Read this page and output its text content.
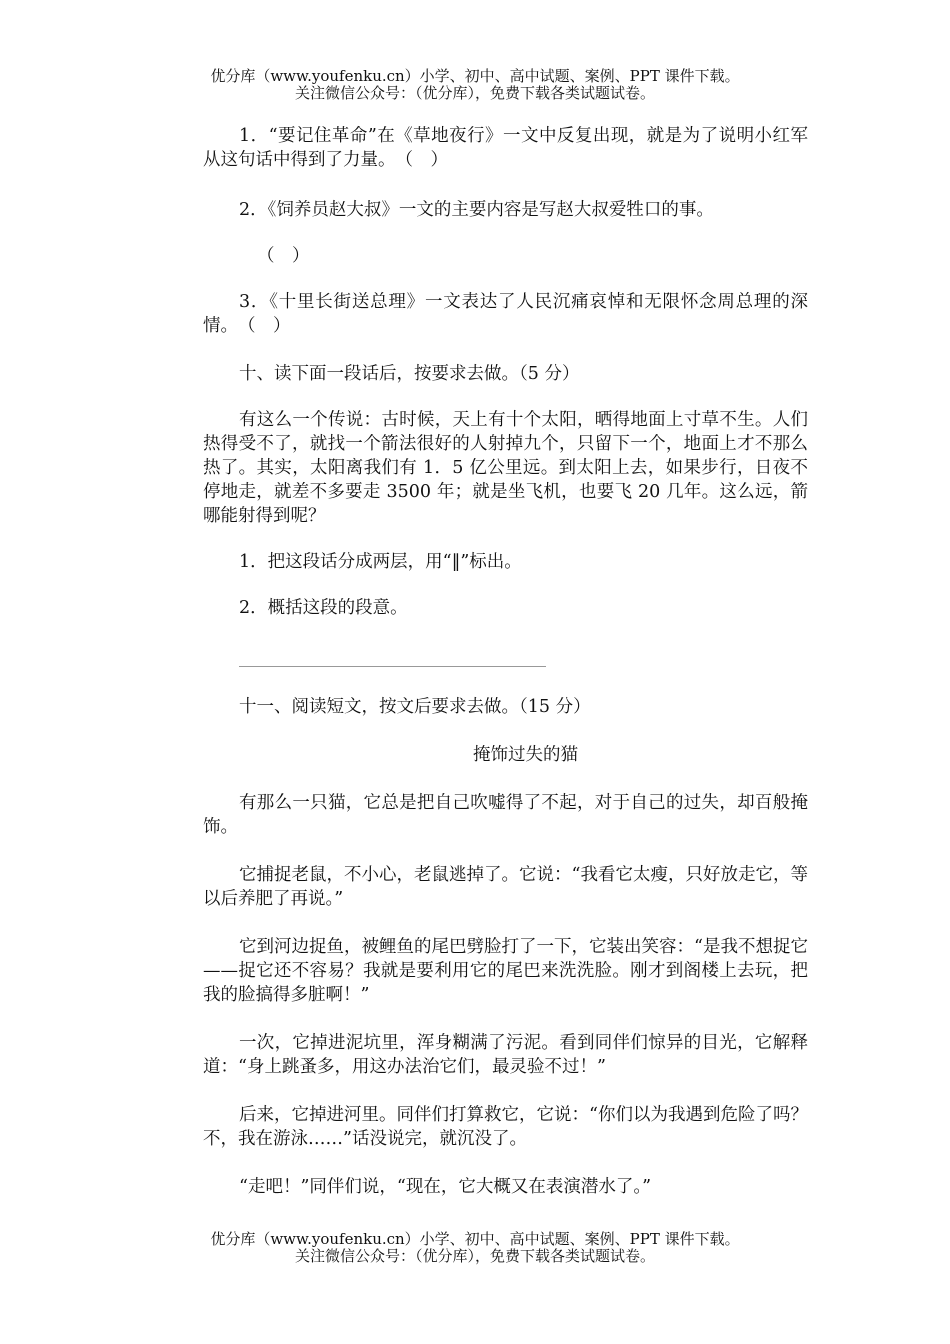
优分库（www.youfenku.cn）小学、初中、高中试题、案例、PPT 课件下载。
关注微信公众号：（优分库），免费下载各类试题试卷。

1．“要记住革命”在《草地夜行》一文中反复出现，就是为了说明小红军从这句话中得到了力量。　（　）

2．《饲养员赵大叔》一文的主要内容是写赵大叔爱牲口的事。

（　）

3．《十里长街送总理》一文表达了人民沉痛哀悼和无限怀念周总理的深情。　（　）

十、读下面一段话后，按要求去做。（5 分）

有这么一个传说：古时候，天上有十个太阳，晒得地面上寸草不生。人们热得受不了，就找一个箭法很好的人射掉九个，只留下一个，地面上才不那么热了。其实，太阳离我们有 1．5 亿公里远。到太阳上去，如果步行，日夜不停地走，就差不多要走 3500 年；就是坐飞机，也要飞 20 几年。这么远，箭哪能射得到呢？

1．把这段话分成两层，用“‖”标出。

2．概括这段的段意。

十一、阅读短文，按文后要求去做。（15 分）

掩饰过失的猫

有那么一只猫，它总是把自己吹嘘得了不起，对于自己的过失，却百般掩饰。

它捕捉老鼠，不小心，老鼠逃掉了。它说：“我看它太瘦，只好放走它，等以后养肥了再说。”

它到河边捉鱼，被鲤鱼的尾巴劈脸打了一下，它装出笑容：“是我不想捉它——捉它还不容易？我就是要利用它的尾巴来洗洗脸。刚才到阁楼上去玩，把我的脸搞得多脏啊！”

一次，它掉进泥坑里，浑身糊满了污泥。看到同伴们惊异的目光，它解释道：“身上跳蚤多，用这办法治它们，最灵验不过！”

后来，它掉进河里。同伴们打算救它，它说：“你们以为我遇到危险了吗？不，我在游泳……”话没说完，就沉没了。

“走吧！”同伴们说，“现在，它大概又在表演潜水了。”

优分库（www.youfenku.cn）小学、初中、高中试题、案例、PPT 课件下载。
关注微信公众号：（优分库），免费下载各类试题试卷。
